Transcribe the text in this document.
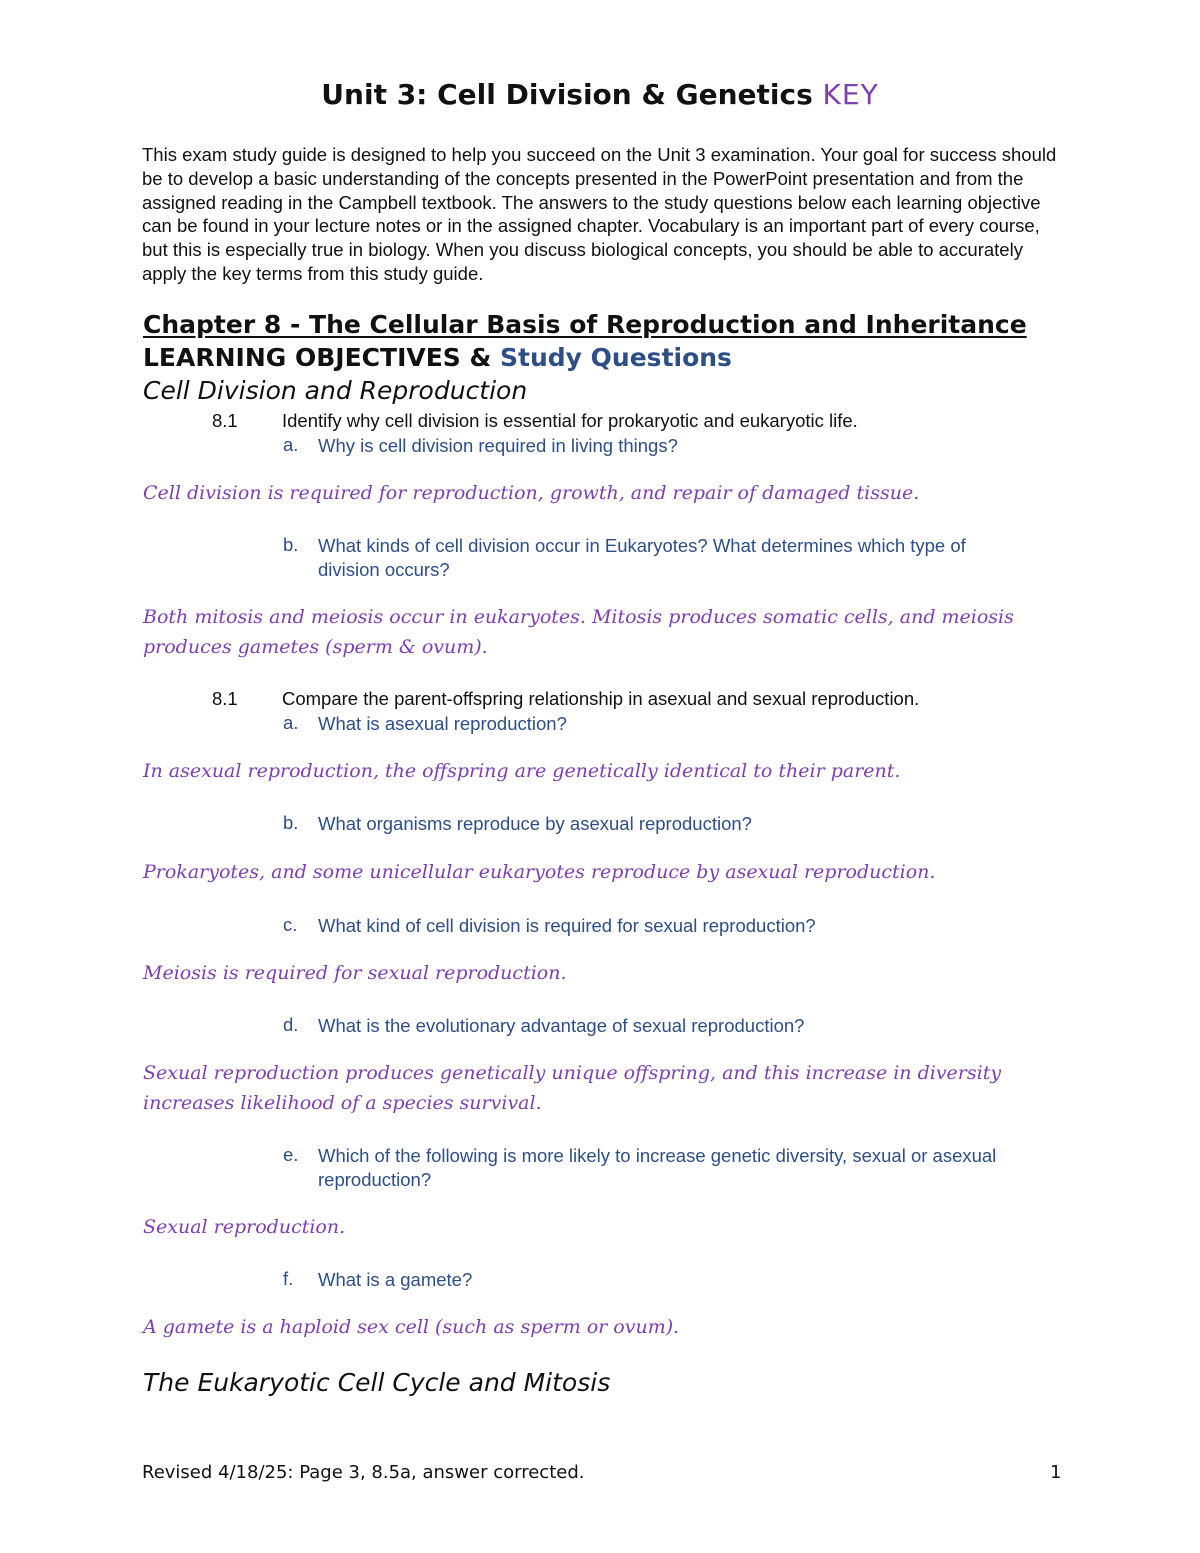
Unit 3: Cell Division & Genetics KEY
This exam study guide is designed to help you succeed on the Unit 3 examination. Your goal for success should be to develop a basic understanding of the concepts presented in the PowerPoint presentation and from the assigned reading in the Campbell textbook. The answers to the study questions below each learning objective can be found in your lecture notes or in the assigned chapter. Vocabulary is an important part of every course, but this is especially true in biology. When you discuss biological concepts, you should be able to accurately apply the key terms from this study guide.
Chapter 8 - The Cellular Basis of Reproduction and Inheritance
LEARNING OBJECTIVES & Study Questions
Cell Division and Reproduction
8.1 Identify why cell division is essential for prokaryotic and eukaryotic life.
a. Why is cell division required in living things?
Cell division is required for reproduction, growth, and repair of damaged tissue.
b. What kinds of cell division occur in Eukaryotes? What determines which type of division occurs?
Both mitosis and meiosis occur in eukaryotes. Mitosis produces somatic cells, and meiosis produces gametes (sperm & ovum).
8.1 Compare the parent-offspring relationship in asexual and sexual reproduction.
a. What is asexual reproduction?
In asexual reproduction, the offspring are genetically identical to their parent.
b. What organisms reproduce by asexual reproduction?
Prokaryotes, and some unicellular eukaryotes reproduce by asexual reproduction.
c. What kind of cell division is required for sexual reproduction?
Meiosis is required for sexual reproduction.
d. What is the evolutionary advantage of sexual reproduction?
Sexual reproduction produces genetically unique offspring, and this increase in diversity increases likelihood of a species survival.
e. Which of the following is more likely to increase genetic diversity, sexual or asexual reproduction?
Sexual reproduction.
f. What is a gamete?
A gamete is a haploid sex cell (such as sperm or ovum).
The Eukaryotic Cell Cycle and Mitosis
Revised 4/18/25: Page 3, 8.5a, answer corrected.	1
